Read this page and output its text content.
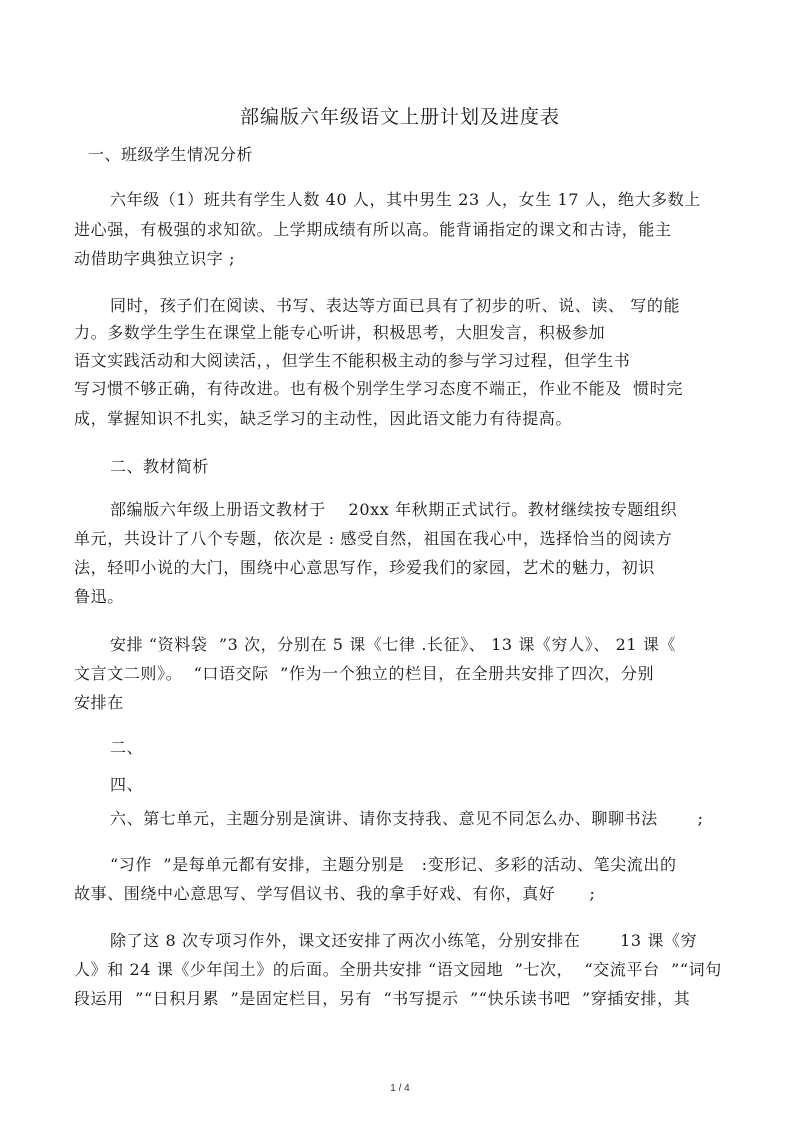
部编版六年级语文上册计划及进度表
一、班级学生情况分析

六年级（1）班共有学生人数 40 人，其中男生 23 人，女生 17 人，绝大多数上

进心强，有极强的求知欲。上学期成绩有所以高。能背诵指定的课文和古诗，能主

动借助字典独立识字 ;

同时，孩子们在阅读、书写、表达等方面已具有了初步的听、说、读、 写的能

力。多数学生学生在课堂上能专心听讲，积极思考，大胆发言，积极参加

语文实践活动和大阅读活，，但学生不能积极主动的参与学习过程，但学生书

写习惯不够正确，有待改进。也有极个别学生学习态度不端正，作业不能及  惯时完

成，掌握知识不扎实，缺乏学习的主动性，因此语文能力有待提高。

二、教材简析

部编版六年级上册语文教材于    20xx 年秋期正式试行。教材继续按专题组织

单元，共设计了八个专题，依次是 : 感受自然，祖国在我心中，选择恰当的阅读方

法，轻叩小说的大门，围绕中心意思写作，珍爱我们的家园，艺术的魅力，初识

鲁迅。

安排 “资料袋  ”3 次，分别在 5 课《七律 .长征》、 13 课《穷人》、 21 课《

文言文二则》。  “口语交际  ”作为一个独立的栏目，在全册共安排了四次，分别

安排在

二、

四、

六、第七单元，主题分别是演讲、请你支持我、意见不同怎么办、聊聊书法       ;

“习作  ”是每单元都有安排，主题分别是   :变形记、多彩的活动、笔尖流出的

故事、围绕中心意思写、学写倡议书、我的拿手好戏、有你，真好      ;

除了这 8 次专项习作外，课文还安排了两次小练笔，分别安排在       13 课《穷

人》和 24 课《少年闰土》的后面。全册共安排 “语文园地  ”七次，  “交流平台  ”“词句

段运用  ”“日积月累  ”是固定栏目，另有  “书写提示  ”“快乐读书吧  ”穿插安排，其

1 / 4
